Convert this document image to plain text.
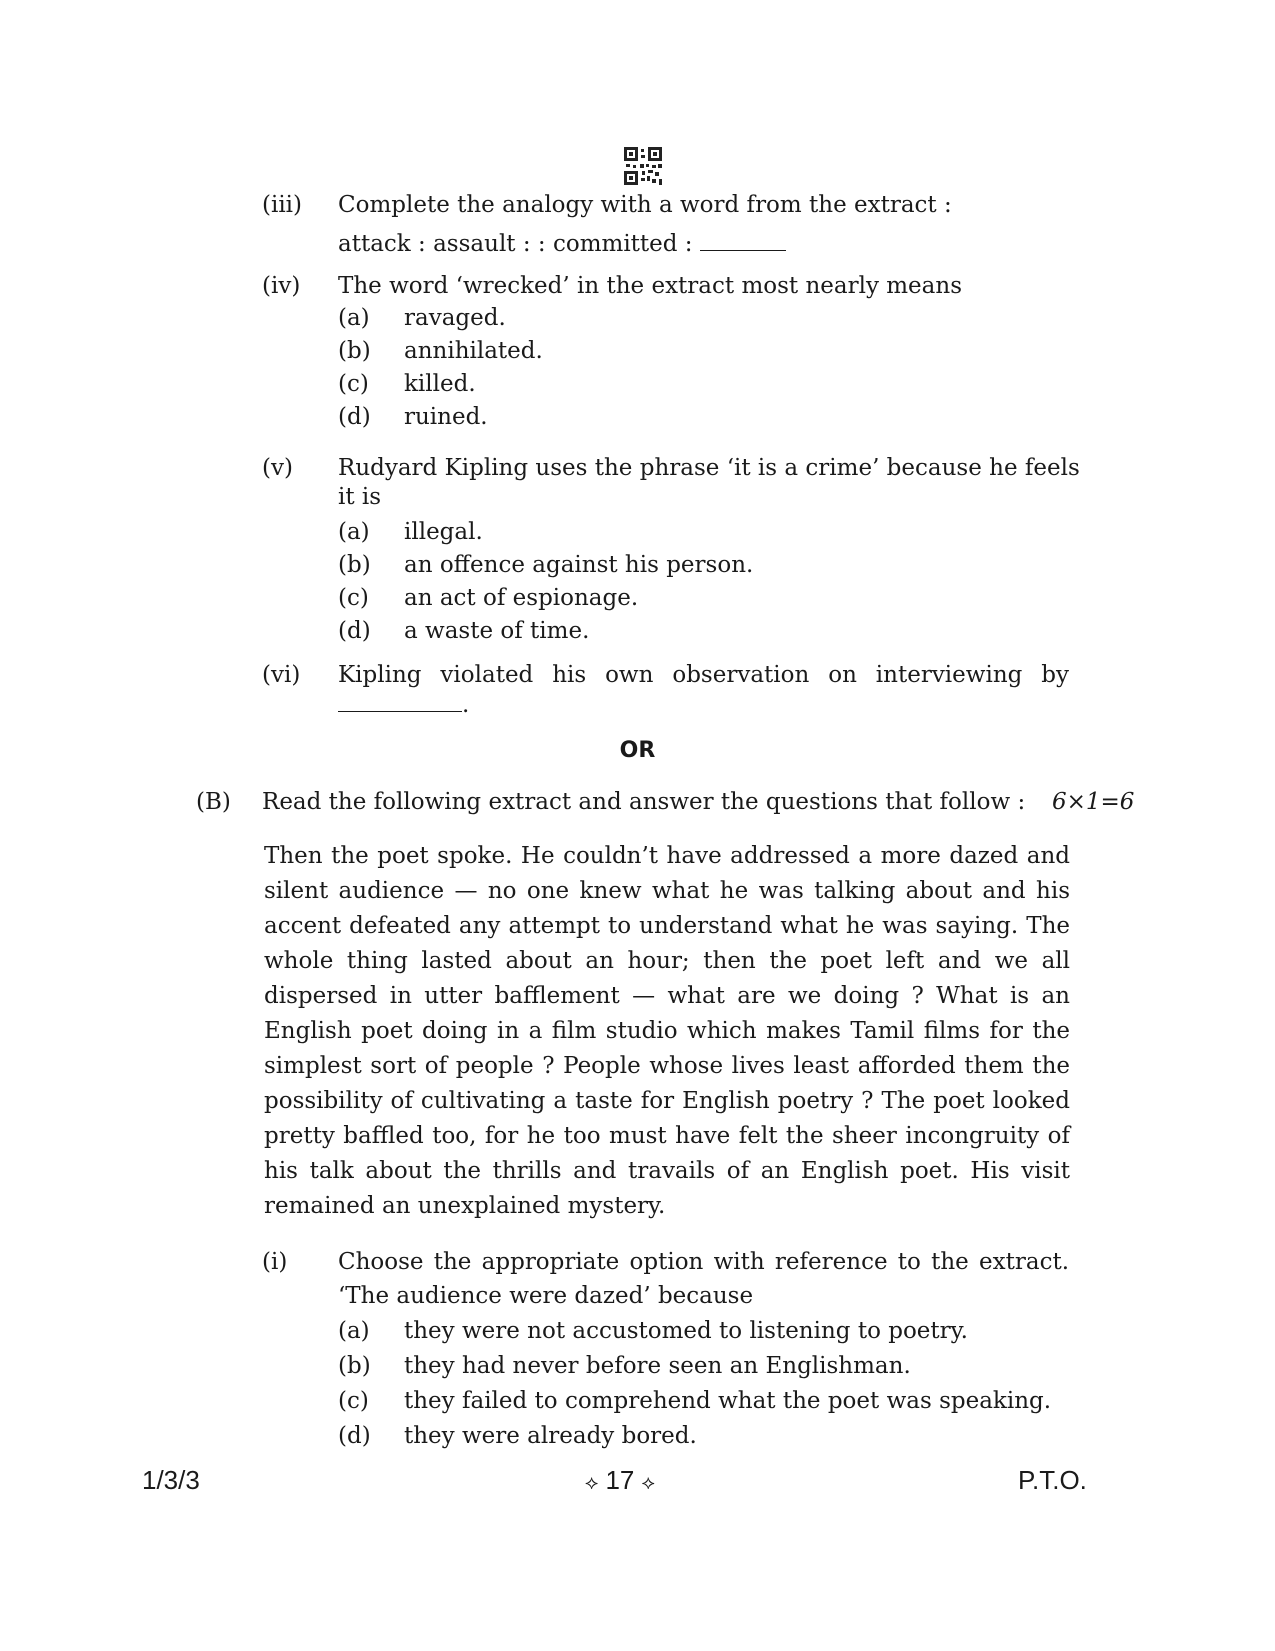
(iii) Complete the analogy with a word from the extract :
attack : assault : : committed :
(iv) The word ‘wrecked’ in the extract most nearly means
(a) ravaged.
(b) annihilated.
(c) killed.
(d) ruined.
(v) Rudyard Kipling uses the phrase ‘it is a crime’ because he feels
it is
(a) illegal.
(b) an offence against his person.
(c) an act of espionage.
(d) a waste of time.
(vi) Kipling violated his own observation on interviewing by
.
OR
(B) Read the following extract and answer the questions that follow : 6×1=6
Then the poet spoke. He couldn’t have addressed a more dazed and
silent audience — no one knew what he was talking about and his
accent defeated any attempt to understand what he was saying. The
whole thing lasted about an hour; then the poet left and we all
dispersed in utter bafflement — what are we doing ? What is an
English poet doing in a film studio which makes Tamil films for the
simplest sort of people ? People whose lives least afforded them the
possibility of cultivating a taste for English poetry ? The poet looked
pretty baffled too, for he too must have felt the sheer incongruity of
his talk about the thrills and travails of an English poet. His visit
remained an unexplained mystery.
(i) Choose the appropriate option with reference to the extract.
‘The audience were dazed’ because
(a) they were not accustomed to listening to poetry.
(b) they had never before seen an Englishman.
(c) they failed to comprehend what the poet was speaking.
(d) they were already bored.
1/3/3	⟡ 17 ⟡	P.T.O.
